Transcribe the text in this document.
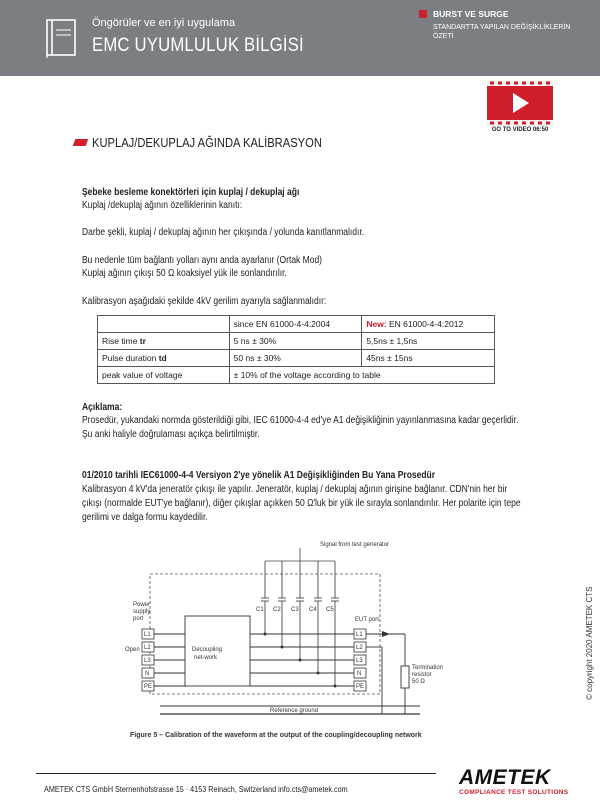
Öngörüler ve en iyi uygulama
EMC UYUMLULUK BİLGİSİ
BURST VE SURGE
STANDARTTA YAPILAN DEĞİŞİKLİKLERİN ÖZETİ
GO TO VIDEO 06:50
KUPLAJ/DEKUPLAJ AĞINDA KALİBRASYON
Şebeke besleme konektörleri için kuplaj / dekuplaj ağı
Kuplaj /dekuplaj ağının özelliklerinin kanıtı:
Darbe şekli, kuplaj / dekuplaj ağının her çıkışında / yolunda kanıtlanmalıdır.
Bu nedenle tüm bağlantı yolları aynı anda ayarlanır (Ortak Mod)
Kuplaj ağının çıkışı 50 Ω koaksiyel yük ile sonlandırılır.
Kalibrasyon aşağıdaki şekilde 4kV gerilim ayarıyla sağlanmalıdır:
	since EN 61000-4-4:2004	New: EN 61000-4-4:2012
Rise time tr	5 ns ± 30%	5,5ns ± 1,5ns
Pulse duration td	50 ns ± 30%	45ns ± 15ns
peak value of voltage	± 10% of the voltage according to table	
Açıklama:
Prosedür, yukandaki normda gösterildiği gibi, IEC 61000-4-4 ed'ye A1 değişikliğinin yayınlanmasına kadar geçerlidir.
Şu anki haliyle doğrulaması açıkça belirtilmiştir.
01/2010 tarihli IEC61000-4-4 Versiyon 2'ye yönelik A1 Değişikliğinden Bu Yana Prosedür
Kalibrasyon 4 kV'da jeneratör çıkışı ile yapılır. Jeneratör, kuplaj / dekuplaj ağının girişine bağlanır. CDN'nin her bir
çıkışı (normalde EUT'ye bağlanır), diğer çıkışlar açıkken 50 Ω'luk bir yük ile sırayla sonlandırılır. Her polarite için tepe
gerilimi ve dalga formu kaydedilir.
Signal from test generator
Decoupling
net-work
Power
supply
port
Open
L1
L2
L3
N
PE
C1 C2 C3 C4 C5
L1
L2
L3
N
PE
EUT port
Termination
resistor
50 Ω
Reference ground
Figure 5 – Calibration of the waveform at the output of the coupling/decoupling network
© copyright 2020 AMETEK CTS
AMETEK CTS GmbH Sternenhofstrasse 15 · 4153 Reinach, Switzerland info.cts@ametek.com	AMETEK
COMPLIANCE TEST SOLUTIONS
